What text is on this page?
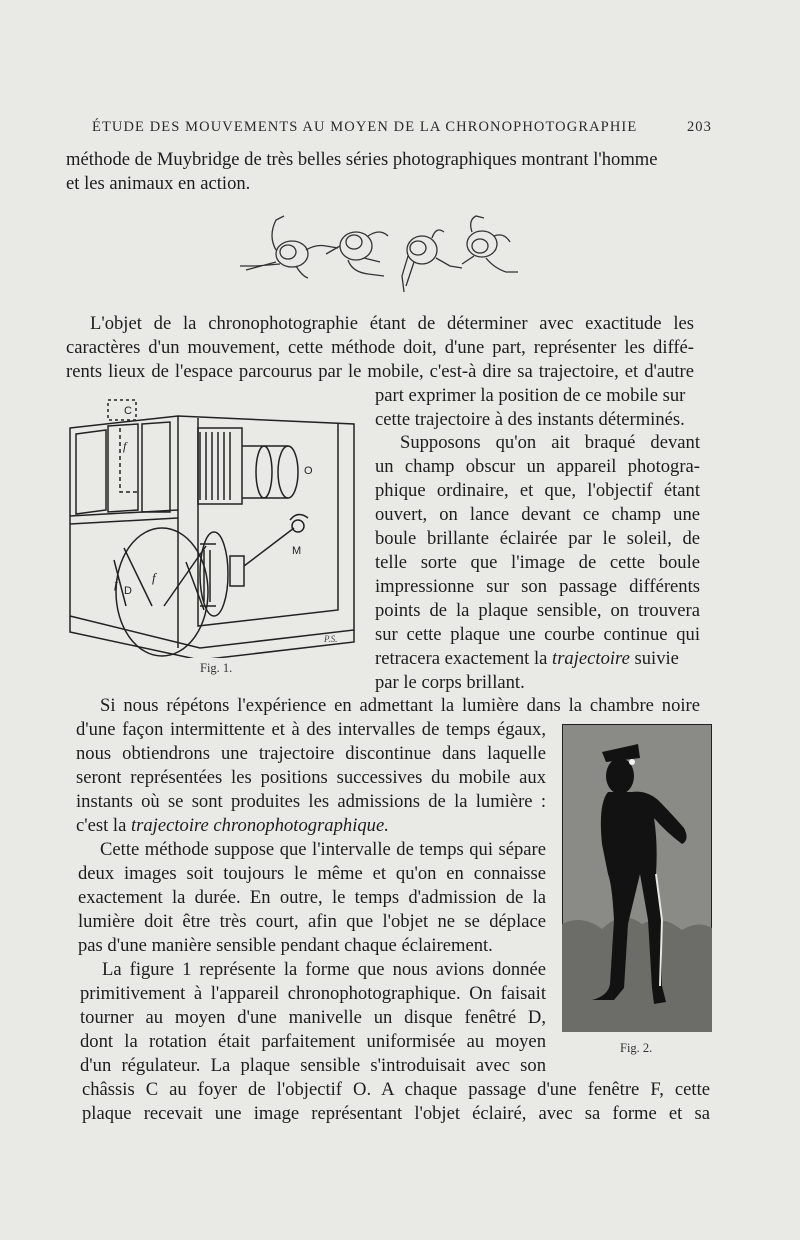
ÉTUDE DES MOUVEMENTS AU MOYEN DE LA CHRONOPHOTOGRAPHIE	203
méthode de Muybridge de très belles séries photographiques montrant l'homme
et les animaux en action.
L'objet de la chronophotographie étant de déterminer avec exactitude les
caractères d'un mouvement, cette méthode doit, d'une part, représenter les diffé-
rents lieux de l'espace parcourus par le mobile, c'est-à dire sa trajectoire, et d'autre
part exprimer la position de ce mobile sur
cette trajectoire à des instants déterminés.
Supposons qu'on ait braqué devant
un champ obscur un appareil photogra-
phique ordinaire, et que, l'objectif étant
ouvert, on lance devant ce champ une
boule brillante éclairée par le soleil, de
telle sorte que l'image de cette boule
impressionne sur son passage différents
points de la plaque sensible, on trouvera
sur cette plaque une courbe continue qui
retracera exactement la trajectoire suivie
par le corps brillant.
C
f
f	f
D
O
M
P.S.
Fig. 1.
Si nous répétons l'expérience en admettant la lumière dans la chambre noire
d'une façon intermittente et à des intervalles de temps égaux,
nous obtiendrons une trajectoire discontinue dans laquelle
seront représentées les positions successives du mobile aux
instants où se sont produites les admissions de la lumière :
c'est la trajectoire chronophotographique.
Cette méthode suppose que l'intervalle de temps qui sépare
deux images soit toujours le même et qu'on en connaisse
exactement la durée. En outre, le temps d'admission de la
lumière doit être très court, afin que l'objet ne se déplace
pas d'une manière sensible pendant chaque éclairement.
La figure 1 représente la forme que nous avions donnée
primitivement à l'appareil chronophotographique. On faisait
tourner au moyen d'une manivelle un disque fenêtré D,
dont la rotation était parfaitement uniformisée au moyen
d'un régulateur. La plaque sensible s'introduisait avec son
châssis C au foyer de l'objectif O. A chaque passage d'une fenêtre F, cette
plaque recevait une image représentant l'objet éclairé, avec sa forme et sa
Fig. 2.
